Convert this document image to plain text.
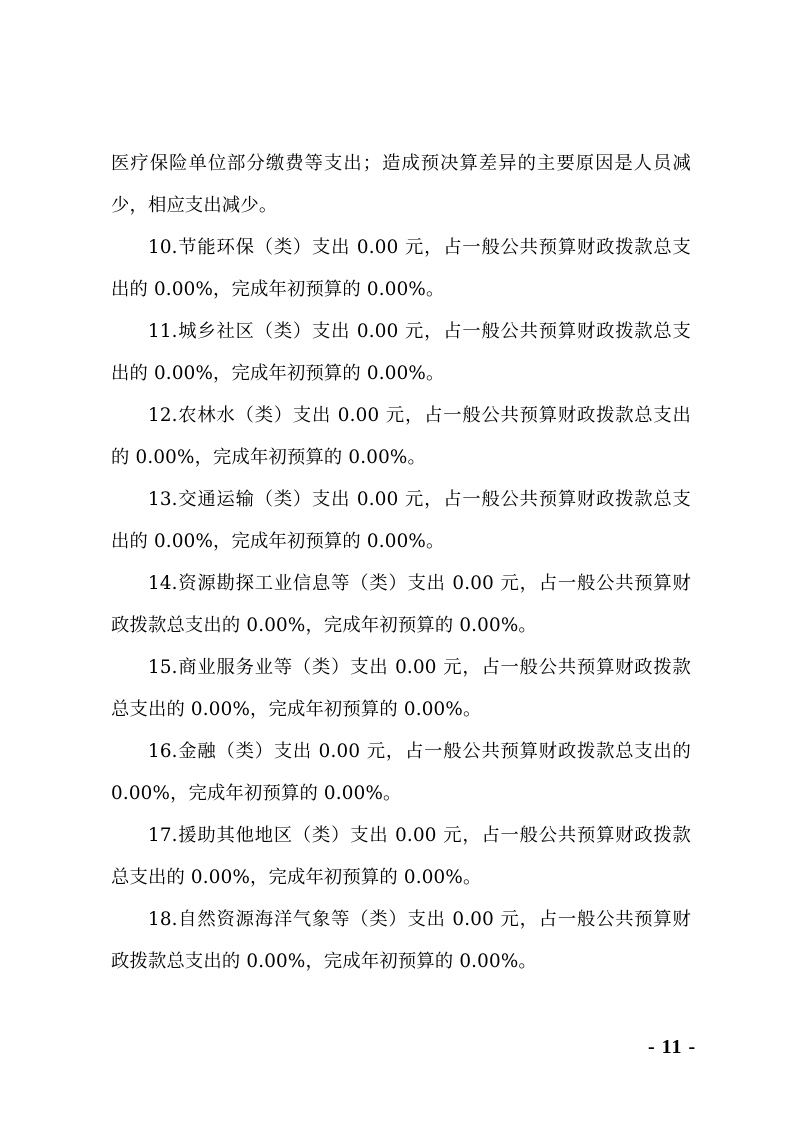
医疗保险单位部分缴费等支出；造成预决算差异的主要原因是人员减少，相应支出减少。

10.节能环保（类）支出 0.00 元，占一般公共预算财政拨款总支出的 0.00%，完成年初预算的 0.00%。

11.城乡社区（类）支出 0.00 元，占一般公共预算财政拨款总支出的 0.00%，完成年初预算的 0.00%。

12.农林水（类）支出 0.00 元，占一般公共预算财政拨款总支出的 0.00%，完成年初预算的 0.00%。

13.交通运输（类）支出 0.00 元，占一般公共预算财政拨款总支出的 0.00%，完成年初预算的 0.00%。

14.资源勘探工业信息等（类）支出 0.00 元，占一般公共预算财政拨款总支出的 0.00%，完成年初预算的 0.00%。

15.商业服务业等（类）支出 0.00 元，占一般公共预算财政拨款总支出的 0.00%，完成年初预算的 0.00%。

16.金融（类）支出 0.00 元，占一般公共预算财政拨款总支出的 0.00%，完成年初预算的 0.00%。

17.援助其他地区（类）支出 0.00 元，占一般公共预算财政拨款总支出的 0.00%，完成年初预算的 0.00%。

18.自然资源海洋气象等（类）支出 0.00 元，占一般公共预算财政拨款总支出的 0.00%，完成年初预算的 0.00%。

- 11 -
